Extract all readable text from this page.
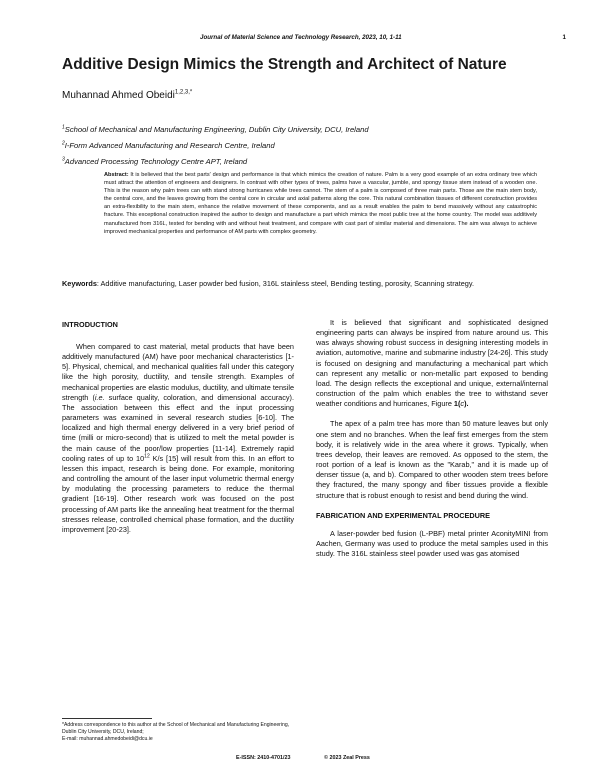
Journal of Material Science and Technology Research, 2023, 10, 1-11	1
Additive Design Mimics the Strength and Architect of Nature
Muhannad Ahmed Obeidi$^{1,2,3,*}$
$^1$School of Mechanical and Manufacturing Engineering, Dublin City University, DCU, Ireland
$^2$I-Form Advanced Manufacturing and Research Centre, Ireland
$^3$Advanced Processing Technology Centre APT, Ireland
Abstract: It is believed that the best parts' design and performance is that which mimics the creation of nature. Palm is a very good example of an extra ordinary tree which must attract the attention of engineers and designers. In contrast with other types of trees, palms have a vascular, jumble, and spongy tissue stem instead of a wooden one. This is the reason why palm trees can with stand strong hurricanes while trees cannot. The stem of a palm is composed of three main parts. Those are the main stem body, the central core, and the leaves growing from the central core in circular and axial patterns along the core. This natural combination tissues of different construction provides an extra-flexibility to the main stem, enhance the relative movement of these components, and as a result enables the palm to bend massively without any catastrophic fracture. This exceptional construction inspired the author to design and manufacture a part which mimics the most public tree at the home country. The model was additively manufactured from 316L, tested for bending with and without heat treatment, and compare with cast part of similar material and dimensions. The aim was always to achieve improved mechanical properties and performance of AM parts with complex geometry.
Keywords: Additive manufacturing, Laser powder bed fusion, 316L stainless steel, Bending testing, porosity, Scanning strategy.
INTRODUCTION
When compared to cast material, metal products that have been additively manufactured (AM) have poor mechanical characteristics [1-5]. Physical, chemical, and mechanical qualities fall under this category like the high porosity, ductility, and tensile strength. Examples of mechanical properties are elastic modulus, ductility, and ultimate tensile strength (i.e. surface quality, coloration, and dimensional accuracy). The association between this effect and the input processing parameters was examined in several research studies [6-10]. The localized and high thermal energy delivered in a very brief period of time (milli or micro-second) that is utilized to melt the metal powder is the main cause of the poor/low properties [11-14]. Extremely rapid cooling rates of up to $10^{12}$ K/s [15] will result from this. In an effort to lessen this impact, research is being done. For example, monitoring and controlling the amount of the laser input volumetric thermal energy by modulating the processing parameters to reduce the thermal gradient [16-19]. Other research work was focused on the post processing of AM parts like the annealing heat treatment for the thermal stresses release, controlled chemical phase formation, and the ductility improvement [20-23].
It is believed that significant and sophisticated designed engineering parts can always be inspired from nature around us. This was always showing robust success in designing interesting models in aviation, automotive, marine and submarine industry [24-26]. This study is focused on designing and manufacturing a mechanical part which can represent any metallic or non-metallic part exposed to bending load. The design reflects the exceptional and unique, external/internal construction of the palm which enables the tree to withstand sever weather conditions and hurricanes, Figure 1(c).
The apex of a palm tree has more than 50 mature leaves but only one stem and no branches. When the leaf first emerges from the stem body, it is relatively wide in the area where it grows. Typically, when trees develop, their leaves are removed. As opposed to the stem, the root portion of a leaf is known as the "Karab," and it is made up of denser tissue (a, and b). Compared to other wooden stem trees before they fractured, the many spongy and fiber tissues provide a flexible structure that is robust enough to resist and bend during the wind.
FABRICATION AND EXPERIMENTAL PROCEDURE
A laser-powder bed fusion (L-PBF) metal printer AconityMINI from Aachen, Germany was used to produce the metal samples used in this study. The 316L stainless steel powder used was gas atomised
*Address correspondence to this author at the School of Mechanical and Manufacturing Engineering, Dublin City University, DCU, Ireland;
E-mail: muhannad.ahmedobeidi@dcu.ie
E-ISSN: 2410-4701/23	© 2023 Zeal Press
